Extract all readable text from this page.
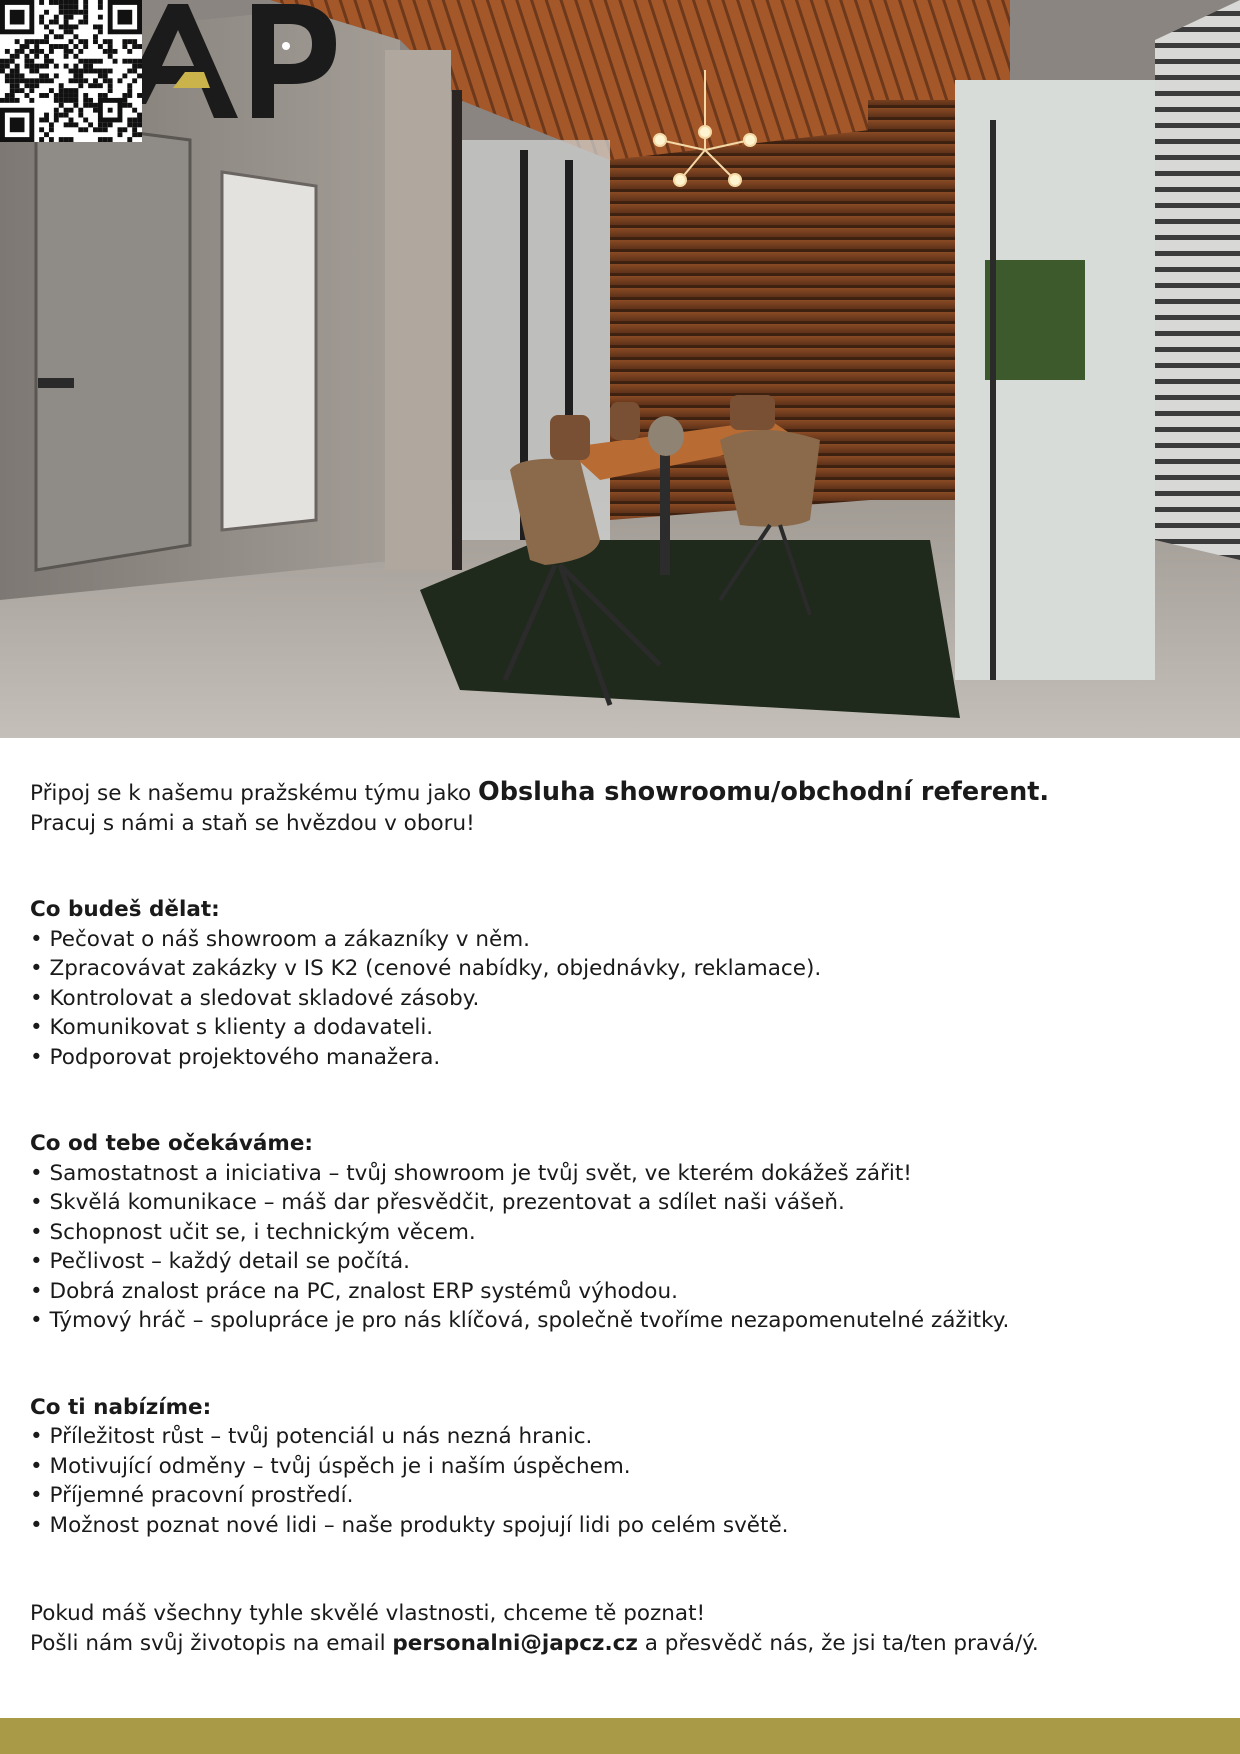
Připoj se k našemu pražskému týmu jako Obsluha showroomu/obchodní referent.

Pracuj s námi a staň se hvězdou v oboru!

Co budeš dělat:

• Pečovat o náš showroom a zákazníky v něm.
• Zpracovávat zakázky v IS K2 (cenové nabídky, objednávky, reklamace).
• Kontrolovat a sledovat skladové zásoby.
• Komunikovat s klienty a dodavateli.
• Podporovat projektového manažera.

Co od tebe očekáváme:

• Samostatnost a iniciativa – tvůj showroom je tvůj svět, ve kterém dokážeš zářit!
• Skvělá komunikace – máš dar přesvědčit, prezentovat a sdílet naši vášeň.
• Schopnost učit se, i technickým věcem.
• Pečlivost – každý detail se počítá.
• Dobrá znalost práce na PC, znalost ERP systémů výhodou.
• Týmový hráč – spolupráce je pro nás klíčová, společně tvoříme nezapomenutelné zážitky.

Co ti nabízíme:

• Příležitost růst – tvůj potenciál u nás nezná hranic.
• Motivující odměny – tvůj úspěch je i naším úspěchem.
• Příjemné pracovní prostředí.
• Možnost poznat nové lidi – naše produkty spojují lidi po celém světě.

Pokud máš všechny tyhle skvělé vlastnosti, chceme tě poznat!

Pošli nám svůj životopis na email personalni@japcz.cz a přesvědč nás, že jsi ta/ten pravá/ý.
